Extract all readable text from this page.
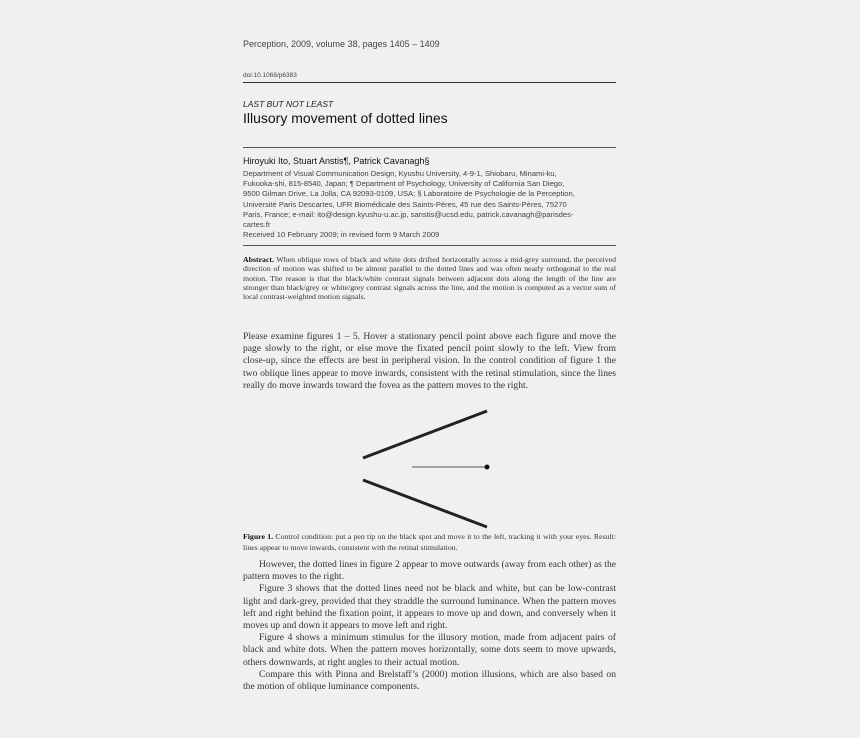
Perception, 2009, volume 38, pages 1405 – 1409
doi:10.1068/p6383
LAST BUT NOT LEAST
Illusory movement of dotted lines
Hiroyuki Ito, Stuart Anstis¶, Patrick Cavanagh§
Department of Visual Communication Design, Kyushu University, 4-9-1, Shiobaru, Minami-ku,
Fukuoka-shi, 815-8540, Japan; ¶ Department of Psychology, University of California San Diego,
9500 Gilman Drive, La Jolla, CA 92093-0109, USA; § Laboratoire de Psychologie de la Perception,
Université Paris Descartes, UFR Biomédicale des Saints-Pères, 45 rue des Saints-Pères, 75270
Paris, France; e-mail: ito@design.kyushu-u.ac.jp, sanstis@ucsd.edu, patrick.cavanagh@parisdes-
cartes.fr
Received 10 February 2009; in revised form 9 March 2009
Abstract. When oblique rows of black and white dots drifted horizontally across a mid-grey surround, the perceived direction of motion was shifted to be almost parallel to the dotted lines and was often nearly orthogonal to the real motion. The reason is that the black/white contrast signals between adjacent dots along the length of the line are stronger than black/grey or white/grey contrast signals across the line, and the motion is computed as a vector sum of local contrast-weighted motion signals.
Please examine figures 1 – 5. Hover a stationary pencil point above each figure and move the page slowly to the right, or else move the fixated pencil point slowly to the left. View from close-up, since the effects are best in peripheral vision. In the control condition of figure 1 the two oblique lines appear to move inwards, consistent with the retinal stimulation, since the lines really do move inwards toward the fovea as the pattern moves to the right.
Figure 1. Control condition: put a pen tip on the black spot and move it to the left, tracking it with your eyes. Result: lines appear to move inwards, consistent with the retinal stimulation.

However, the dotted lines in figure 2 appear to move outwards (away from each other) as the pattern moves to the right.

Figure 3 shows that the dotted lines need not be black and white, but can be low-contrast light and dark-grey, provided that they straddle the surround luminance. When the pattern moves left and right behind the fixation point, it appears to move up and down, and conversely when it moves up and down it appears to move left and right.

Figure 4 shows a minimum stimulus for the illusory motion, made from adjacent pairs of black and white dots. When the pattern moves horizontally, some dots seem to move upwards, others downwards, at right angles to their actual motion.

Compare this with Pinna and Brelstaff’s (2000) motion illusions, which are also based on the motion of oblique luminance components.
